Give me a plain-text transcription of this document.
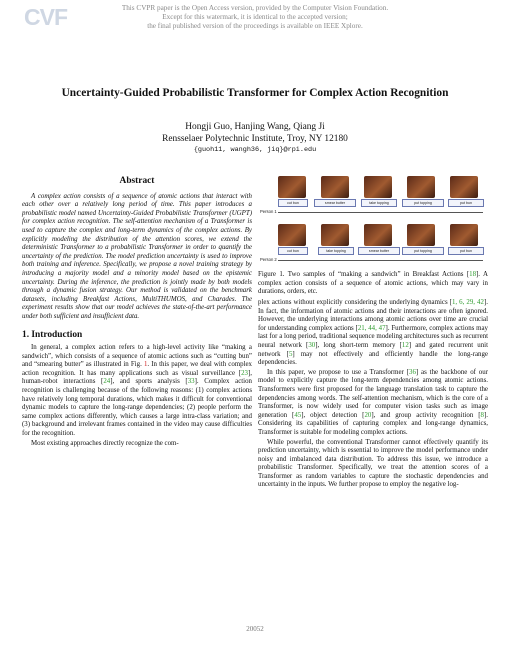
CVF	This CVPR paper is the Open Access version, provided by the Computer Vision Foundation.
Except for this watermark, it is identical to the accepted version;
the final published version of the proceedings is available on IEEE Xplore.
Uncertainty-Guided Probabilistic Transformer for Complex Action Recognition
Hongji Guo, Hanjing Wang, Qiang Ji
Rensselaer Polytechnic Institute, Troy, NY 12180
{guoh11, wangh36, jiq}@rpi.edu
Abstract

A complex action consists of a sequence of atomic actions that interact with each other over a relatively long period of time. This paper introduces a probabilistic model named Uncertainty-Guided Probabilistic Transformer (UGPT) for complex action recognition. The self-attention mechanism of a Transformer is used to capture the complex and long-term dynamics of the complex actions. By explicitly modeling the distribution of the attention scores, we extend the deterministic Transformer to a probabilistic Transformer in order to quantify the uncertainty of the prediction. The model prediction uncertainty is used to improve both training and inference. Specifically, we propose a novel training strategy by introducing a majority model and a minority model based on the epistemic uncertainty. During the inference, the prediction is jointly made by both models through a dynamic fusion strategy. Our method is validated on the benchmark datasets, including Breakfast Actions, MultiTHUMOS, and Charades. The experiment results show that our model achieves the state-of-the-art performance under both sufficient and insufficient data.

1. Introduction

In general, a complex action refers to a high-level activity like “making a sandwich”, which consists of a sequence of atomic actions such as “cutting bun” and “smearing butter” as illustrated in Fig. 1. In this paper, we deal with complex action recognition. It has many applications such as visual surveillance [23], human-robot interactions [24], and sports analysis [33]. Complex action recognition is challenging because of the following reasons: (1) complex actions have relatively long temporal durations, which makes it difficult for conventional dynamic models to capture the long-range dependencies; (2) people perform the same complex actions differently, which causes a large intra-class variation; and (3) background and irrelevant frames contained in the video may cause difficulties for the recognition.

Most existing approaches directly recognize the com-

cut bun	smear butter	take topping	put topping	put bun
Person 1
cut bun	take topping	smear butter	put topping	put bun
Person 2
Figure 1. Two samples of “making a sandwich” in Breakfast Actions [18]. A complex action consists of a sequence of atomic actions, which may vary in durations, orders, etc.

plex actions without explicitly considering the underlying dynamics [1, 6, 29, 42]. In fact, the information of atomic actions and their interactions are often ignored. However, the underlying interactions among atomic actions over time are crucial for understanding complex actions [21, 44, 47]. Furthermore, complex actions may last for a long period, traditional sequence modeling architectures such as recurrent neural network [30], long short-term memory [12] and gated recurrent unit network [5] may not effectively and efficiently handle the long-range dependencies.

In this paper, we propose to use a Transformer [36] as the backbone of our model to explicitly capture the long-term dependencies among atomic actions. Transformers were first proposed for the language translation task to capture the dependencies among words. The self-attention mechanism, which is the core of a Transformer, is now widely used for computer vision tasks such as image generation [45], object detection [20], and group activity recognition [8]. Considering its capabilities of capturing complex and long-range dynamics, Transformer is suitable for modeling complex actions.

While powerful, the conventional Transformer cannot effectively quantify its prediction uncertainty, which is essential to improve the model performance under noisy and imbalanced data distribution. To address this issue, we introduce a probabilistic Transformer. Specifically, we treat the attention scores of a Transformer as random variables to capture the stochastic dependencies and uncertainty in the inputs. We further propose to employ the negative log-

20052
